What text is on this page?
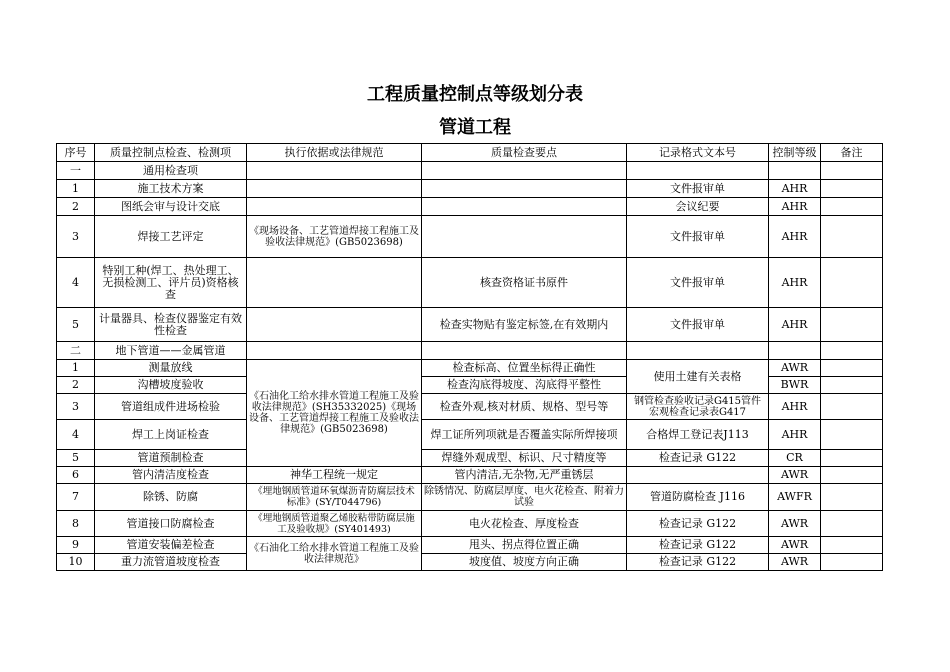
工程质量控制点等级划分表
管道工程
序号	质量控制点检查、检测项	执行依据或法律规范	质量检查要点	记录格式文本号	控制等级	备注
一	通用检查项					
1	施工技术方案			文件报审单	AHR	
2	图纸会审与设计交底			会议纪要	AHR	
3	焊接工艺评定	《现场设备、工艺管道焊接工程施工及验收法律规范》(GB5023698)		文件报审单	AHR	
4	特别工种(焊工、热处理工、无损检测工、评片员)资格核查		核查资格证书原件	文件报审单	AHR	
5	计量器具、检查仪器鉴定有效性检查		检查实物贴有鉴定标签,在有效期内	文件报审单	AHR	
二	地下管道——金属管道					
1	测量放线	《石油化工给水排水管道工程施工及验收法律规范》(SH35332025)《现场设备、工艺管道焊接工程施工及验收法律规范》(GB5023698)	检查标高、位置坐标得正确性	使用土建有关表格	AWR	
2	沟槽坡度验收		检查沟底得坡度、沟底得平整性		BWR	
3	管道组成件进场检验		检查外观,核对材质、规格、型号等	钢管检查验收记录G415管件宏观检查记录表G417	AHR	
4	焊工上岗证检查		焊工证所列项就是否覆盖实际所焊接项	合格焊工登记表J113	AHR	
5	管道预制检查		焊缝外观成型、标识、尺寸精度等	检查记录 G122	CR	
6	管内清洁度检查	神华工程统一规定	管内清洁,无杂物,无严重锈层		AWR	
7	除锈、防腐	《埋地钢质管道环氧煤沥青防腐层技术标准》(SY/T044796)	除锈情况、防腐层厚度、电火花检查、附着力试验	管道防腐检查 J116	AWFR	
8	管道接口防腐检查	《埋地钢质管道聚乙烯胶粘带防腐层施工及验收规》(SY401493)	电火花检查、厚度检查	检查记录 G122	AWR	
9	管道安装偏差检查	《石油化工给水排水管道工程施工及验收法律规范》	甩头、拐点得位置正确	检查记录 G122	AWR	
10	重力流管道坡度检查		坡度值、坡度方向正确	检查记录 G122	AWR	
